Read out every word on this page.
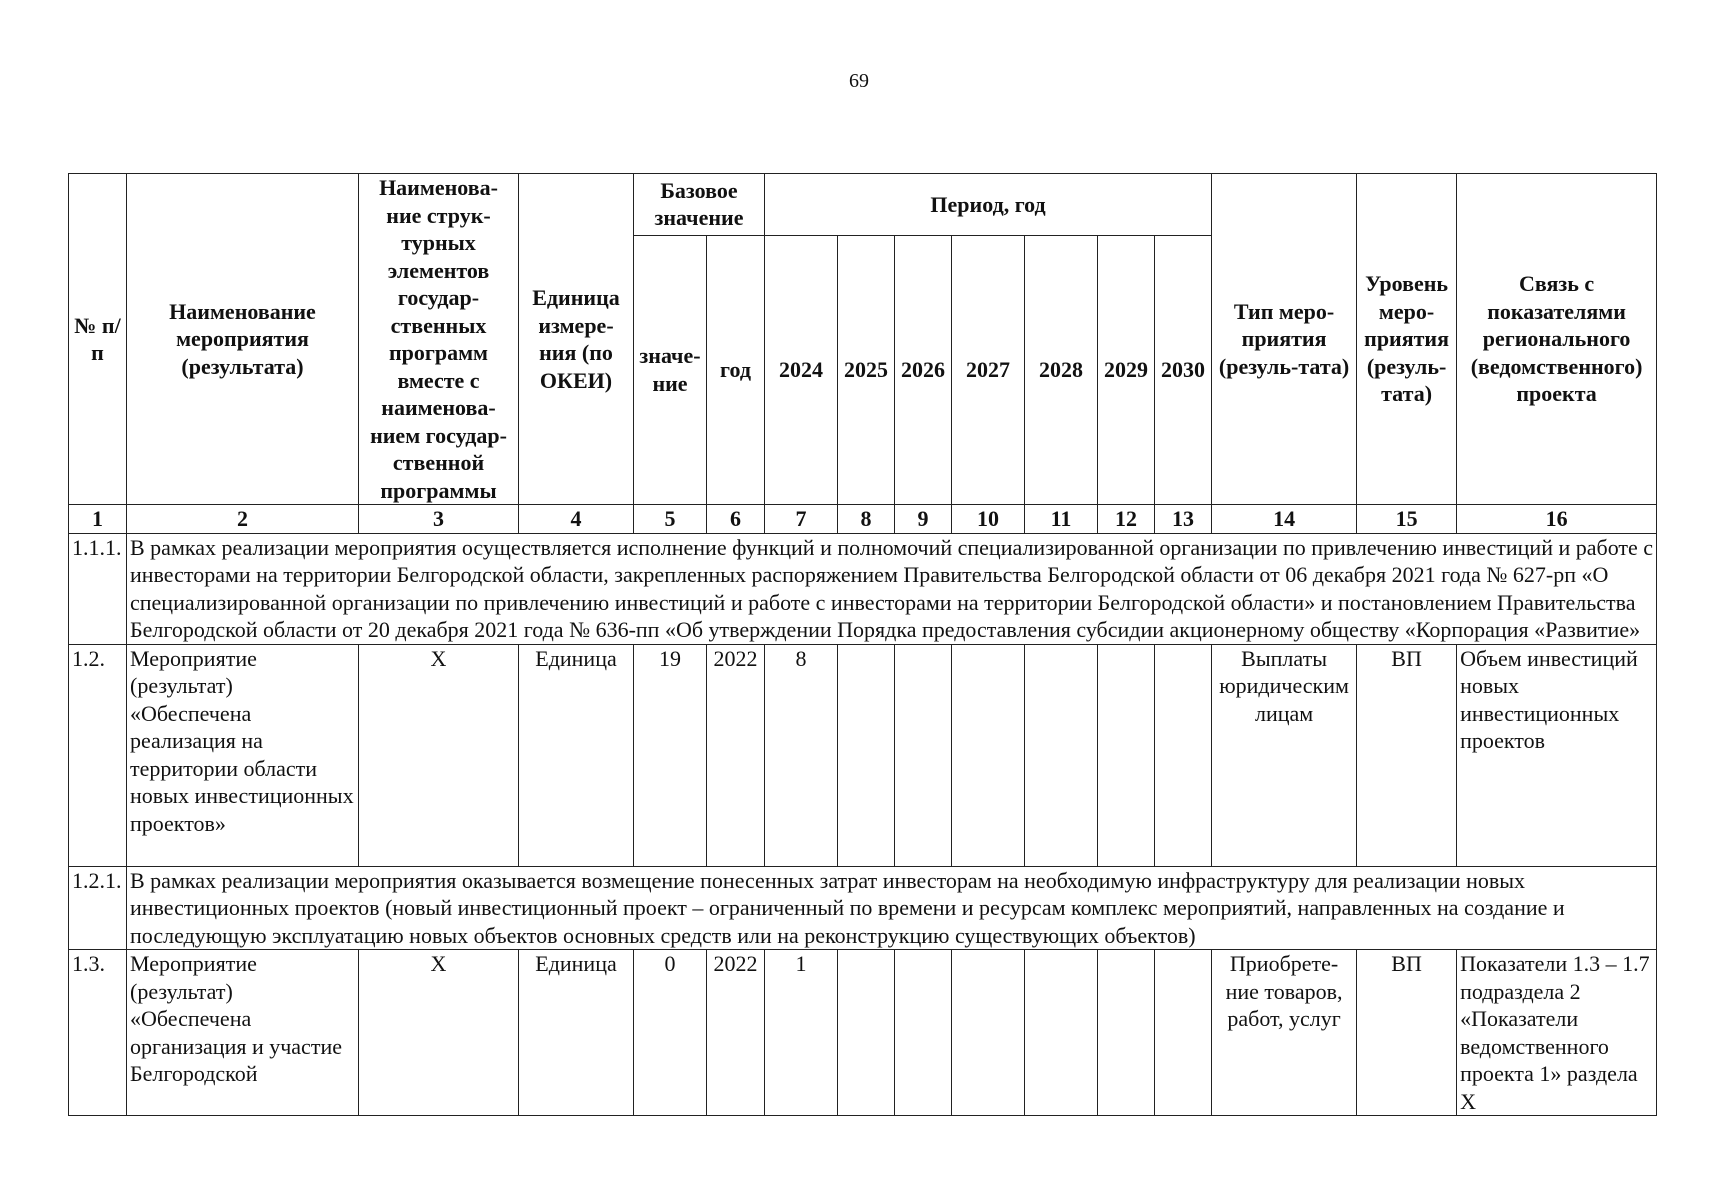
69
№ п/п	Наименование мероприятия (результата)	Наименова-ние струк-турных элементов государ-ственных программ вместе с наименова-нием государ-ственной программы	Единица измере-ния (по ОКЕИ)	Базовое значение		Период, год							Тип меро-приятия (резуль-тата)	Уровень меро-приятия (резуль-тата)	Связь с показателями регионального (ведомственного) проекта
				значе-ние	год	2024	2025	2026	2027	2028	2029	2030			
1	2	3	4	5	6	7	8	9	10	11	12	13	14	15	16
1.1.1.	В рамках реализации мероприятия осуществляется исполнение функций и полномочий специализированной организации по привлечению инвестиций и работе с инвесторами на территории Белгородской области, закрепленных распоряжением Правительства Белгородской области от 06 декабря 2021 года № 627-рп «О специализированной организации по привлечению инвестиций и работе с инвесторами на территории Белгородской области» и постановлением Правительства Белгородской области от 20 декабря 2021 года № 636-пп «Об утверждении Порядка предоставления субсидии акционерному обществу «Корпорация «Развитие»														
1.2.	Мероприятие (результат) «Обеспечена реализация на территории области новых инвестиционных проектов»	X	Единица	19	2022	8							Выплаты юридическим лицам	ВП	Объем инвестиций новых инвестиционных проектов
1.2.1.	В рамках реализации мероприятия оказывается возмещение понесенных затрат инвесторам на необходимую инфраструктуру для реализации новых инвестиционных проектов (новый инвестиционный проект – ограниченный по времени и ресурсам комплекс мероприятий, направленных на создание и последующую эксплуатацию новых объектов основных средств или на реконструкцию существующих объектов)														
1.3.	Мероприятие (результат) «Обеспечена организация и участие Белгородской	X	Единица	0	2022	1							Приобрете-ние товаров, работ, услуг	ВП	Показатели 1.3 – 1.7 подраздела 2 «Показатели ведомственного проекта 1» раздела X
